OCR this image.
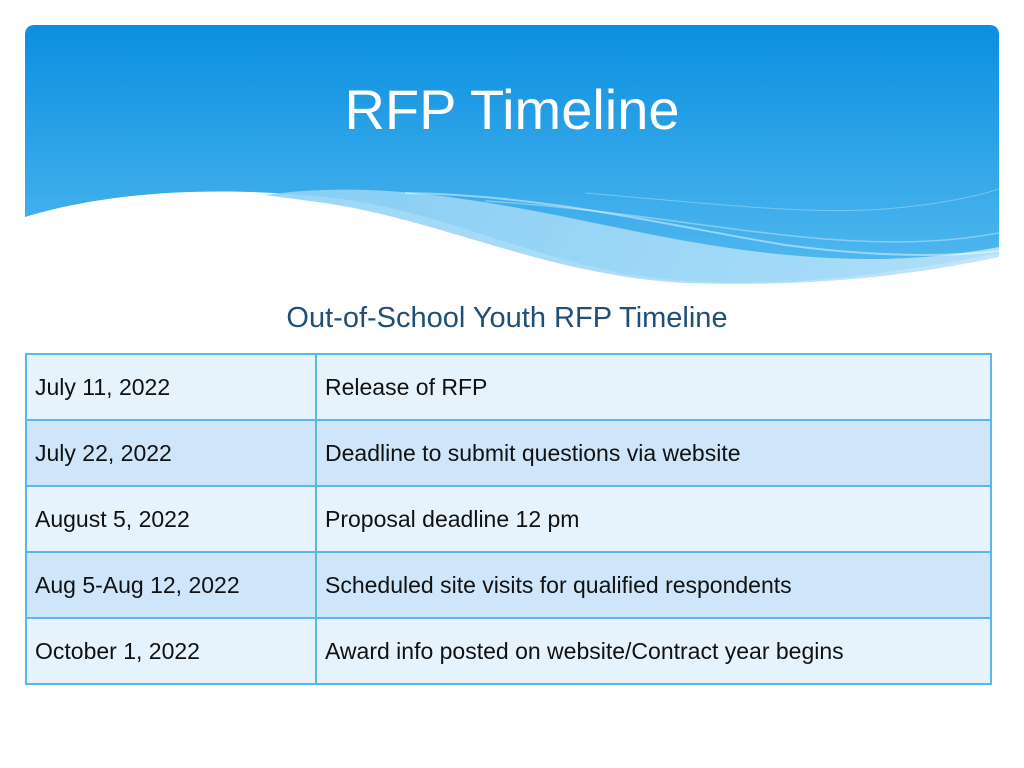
RFP Timeline
Out-of-School Youth RFP Timeline
July 11, 2022	Release of RFP
July 22, 2022	Deadline to submit questions via website
August 5, 2022	Proposal deadline 12 pm
Aug 5-Aug 12, 2022	Scheduled site visits for qualified respondents
October 1, 2022	Award info posted on website/Contract year begins
